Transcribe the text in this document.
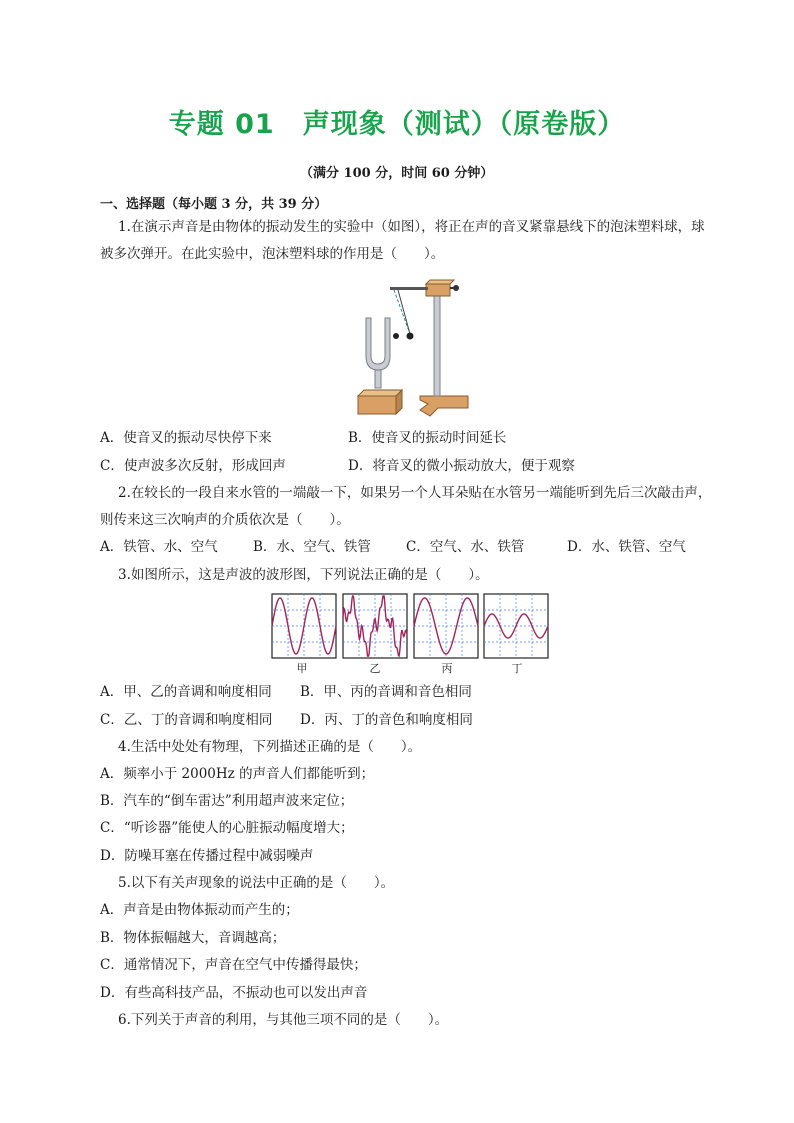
专题 01　声现象（测试）（原卷版）
（满分 100 分，时间 60 分钟）
一、选择题（每小题 3 分，共 39 分）
1.在演示声音是由物体的振动发生的实验中（如图），将正在声的音叉紧靠悬线下的泡沫塑料球，球
被多次弹开。在此实验中，泡沫塑料球的作用是（　　）。
A．使音叉的振动尽快停下来	B．使音叉的振动时间延长
C．使声波多次反射，形成回声	D．将音叉的微小振动放大，便于观察
2.在较长的一段自来水管的一端敲一下，如果另一个人耳朵贴在水管另一端能听到先后三次敲击声，
则传来这三次响声的介质依次是（　　）。
A．铁管、水、空气	B．水、空气、铁管	C．空气、水、铁管	D．水、铁管、空气
3.如图所示，这是声波的波形图，下列说法正确的是（　　）。
甲	乙	丙	丁
A．甲、乙的音调和响度相同 B．甲、丙的音调和音色相同
C．乙、丁的音调和响度相同 D．丙、丁的音色和响度相同
4.生活中处处有物理，下列描述正确的是（　　）。
A．频率小于 2000Hz 的声音人们都能听到；
B．汽车的“倒车雷达”利用超声波来定位；
C．“听诊器”能使人的心脏振动幅度增大；
D．防噪耳塞在传播过程中减弱噪声
5.以下有关声现象的说法中正确的是（　　）。
A．声音是由物体振动而产生的；
B．物体振幅越大，音调越高；
C．通常情况下，声音在空气中传播得最快；
D．有些高科技产品，不振动也可以发出声音
6.下列关于声音的利用，与其他三项不同的是（　　）。
